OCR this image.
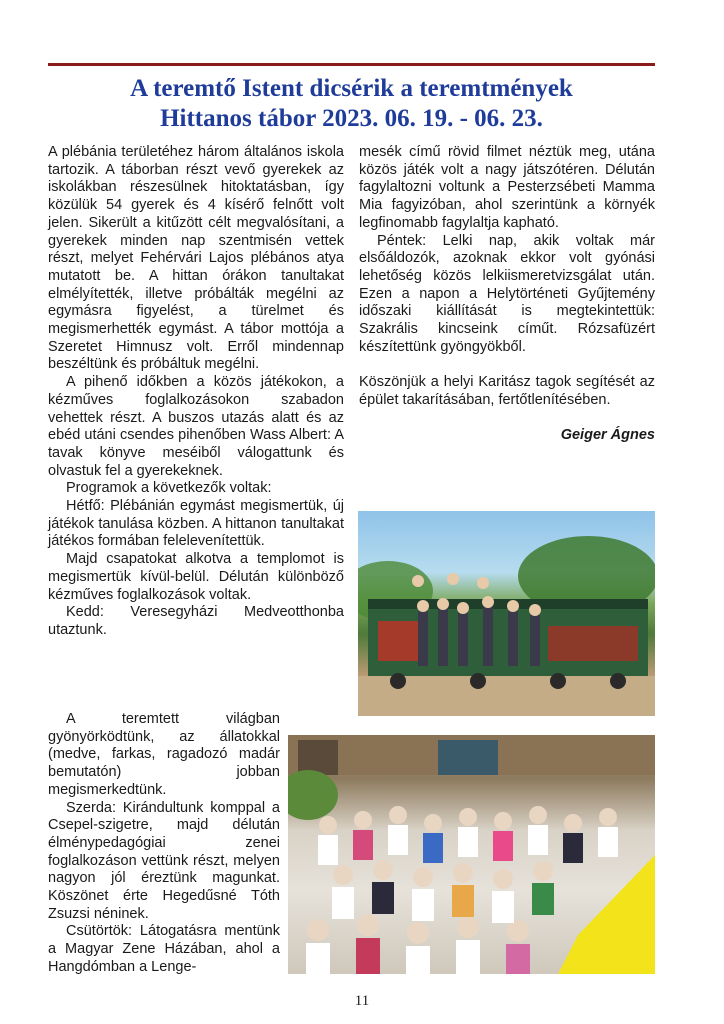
A teremtő Istent dicsérik a teremtmények
Hittanos tábor 2023. 06. 19. - 06. 23.

A plébánia területéhez három általános iskola tartozik. A táborban részt vevő gyerekek az iskolákban részesülnek hitoktatásban, így közülük 54 gyerek és 4 kísérő felnőtt volt jelen. Sikerült a kitűzött célt megvalósítani, a gyerekek minden nap szentmisén vettek részt, melyet Fehérvári Lajos plébános atya mutatott be. A hittan órákon tanultakat elmélyítették, illetve próbálták megélni az egymásra figyelést, a türelmet és megismerhették egymást. A tábor mottója a Szeretet Himnusz volt. Erről mindennap beszéltünk és próbáltuk megélni.

A pihenő időkben a közös játékokon, a kézműves foglalkozásokon szabadon vehettek részt. A buszos utazás alatt és az ebéd utáni csendes pihenőben Wass Albert: A tavak könyve meséiből válogattunk és olvastuk fel a gyerekeknek.

Programok a következők voltak:

Hétfő: Plébánián egymást megismertük, új játékok tanulása közben. A hittanon tanultakat játékos formában felelevenítettük.

Majd csapatokat alkotva a templomot is megismertük kívül-belül. Délután különböző kézműves foglalkozások voltak.

Kedd: Veresegyházi Medveotthonba utaztunk.

A teremtett világban gyönyörködtünk, az állatokkal (medve, farkas, ragadozó madár bemutatón) jobban megismerkedtünk.

Szerda: Kirándultunk komppal a Csepel-szigetre, majd délután élménypedagógiai zenei foglalkozáson vettünk részt, melyen nagyon jól éreztünk magunkat. Köszönet érte Hegedűsné Tóth Zsuzsi néninek.

Csütörtök: Látogatásra mentünk a Magyar Zene Házában, ahol a Hangdómban a Lenge-

mesék című rövid filmet néztük meg, utána közös játék volt a nagy játszótéren. Délután fagylaltozni voltunk a Pesterzsébeti Mamma Mia fagyizóban, ahol szerintünk a környék legfinomabb fagylaltja kapható.

Péntek: Lelki nap, akik voltak már elsőáldozók, azoknak ekkor volt gyónási lehetőség közös lelkiismeretvizsgálat után. Ezen a napon a Helytörténeti Gyűjtemény időszaki kiállítását is megtekintettük: Szakrális kincseink címűt. Rózsafüzért készítettünk gyöngyökből.

Köszönjük a helyi Karitász tagok segítését az épület takarításában, fertőtlenítésében.

Geiger Ágnes

11
